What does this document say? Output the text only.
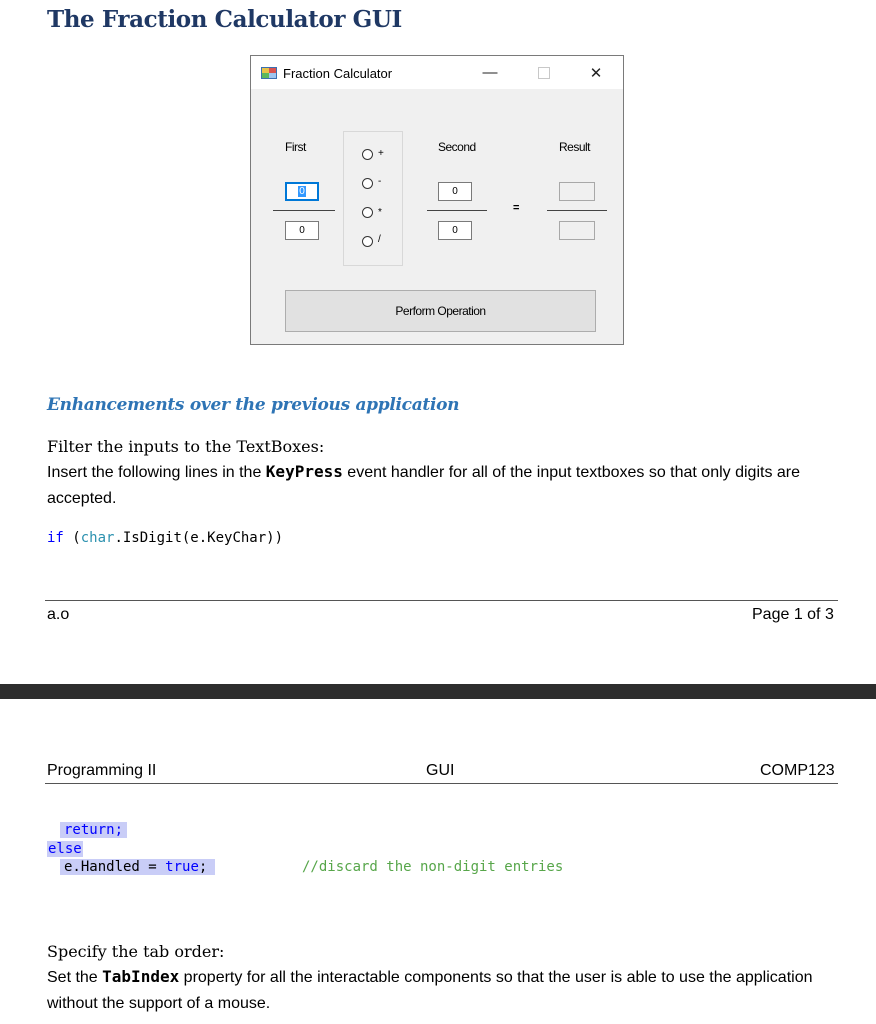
The Fraction Calculator GUI
Fraction Calculator	—	✕
First	Second	Result
0
0
+
-
*
/
0
0
=
Perform Operation
Enhancements over the previous application
Filter the inputs to the TextBoxes:
Insert the following lines in the KeyPress event handler for all of the input textboxes so that only digits are accepted.
if (char.IsDigit(e.KeyChar))
a.o	Page 1 of 3
Programming II	GUI	COMP123
return;
else
e.Handled = true;	//discard the non-digit entries
Specify the tab order:
Set the TabIndex property for all the interactable components so that the user is able to use the application without the support of a mouse.
